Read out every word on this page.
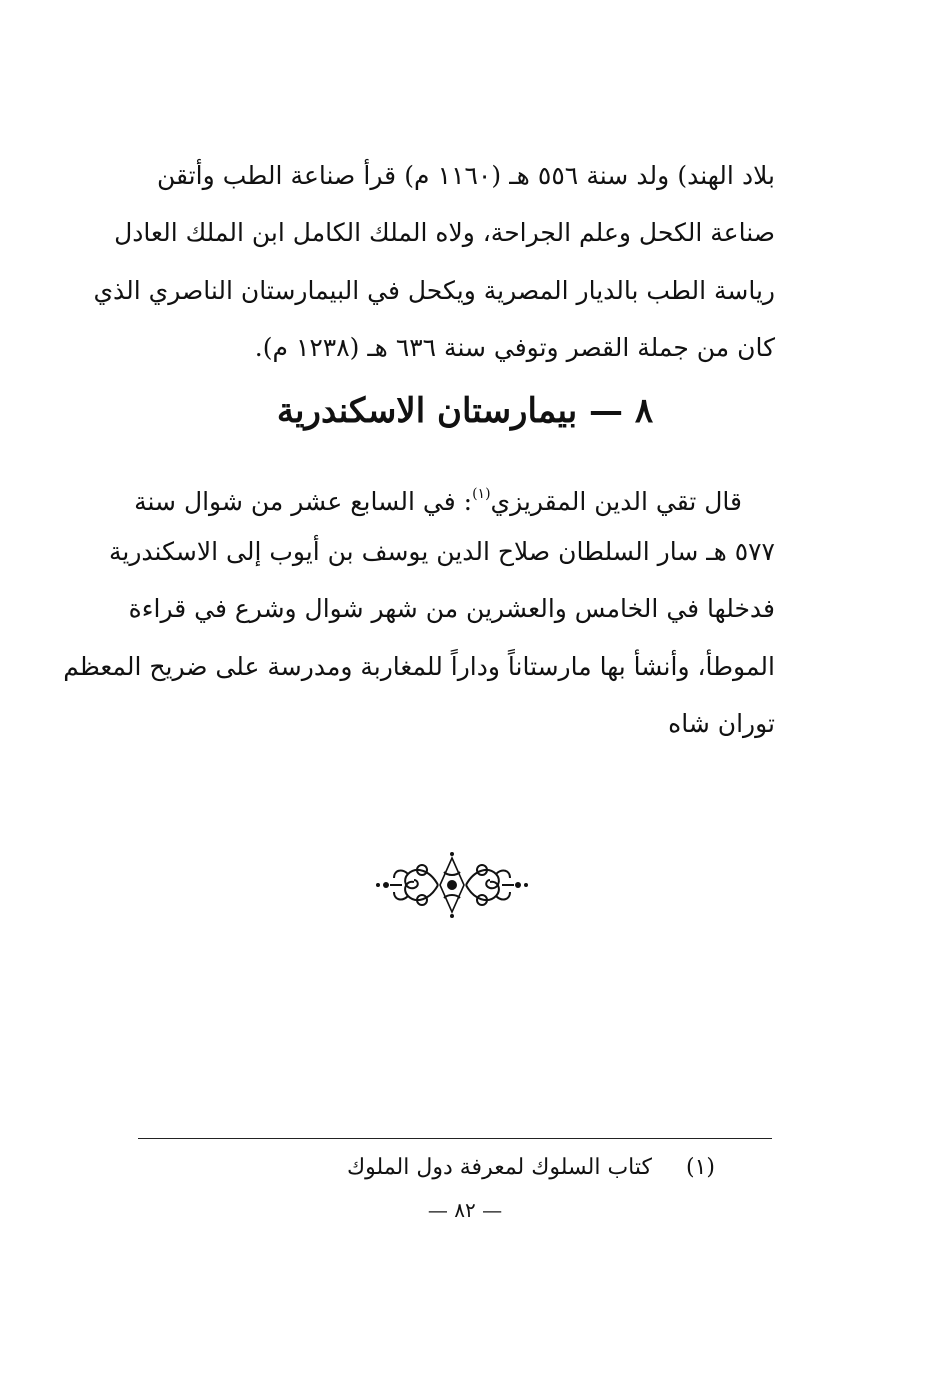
بلاد الهند) ولد سنة ٥٥٦ هـ (١١٦٠ م) قرأ صناعة الطب وأتقن
صناعة الكحل وعلم الجراحة، ولاه الملك الكامل ابن الملك العادل
رياسة الطب بالديار المصرية ويكحل في البيمارستان الناصري الذي
كان من جملة القصر وتوفي سنة ٦٣٦ هـ (١٢٣٨ م).
٨ — بيمارستان الاسكندرية
قال تقي الدين المقريزي$^{(١)}$: في السابع عشر من شوال سنة
٥٧٧ هـ سار السلطان صلاح الدين يوسف بن أيوب إلى الاسكندرية
فدخلها في الخامس والعشرين من شهر شوال وشرع في قراءة
الموطأ، وأنشأ بها مارستاناً وداراً للمغاربة ومدرسة على ضريح المعظم
توران شاه
(١)كتاب السلوك لمعرفة دول الملوك
— ٨٢ —
